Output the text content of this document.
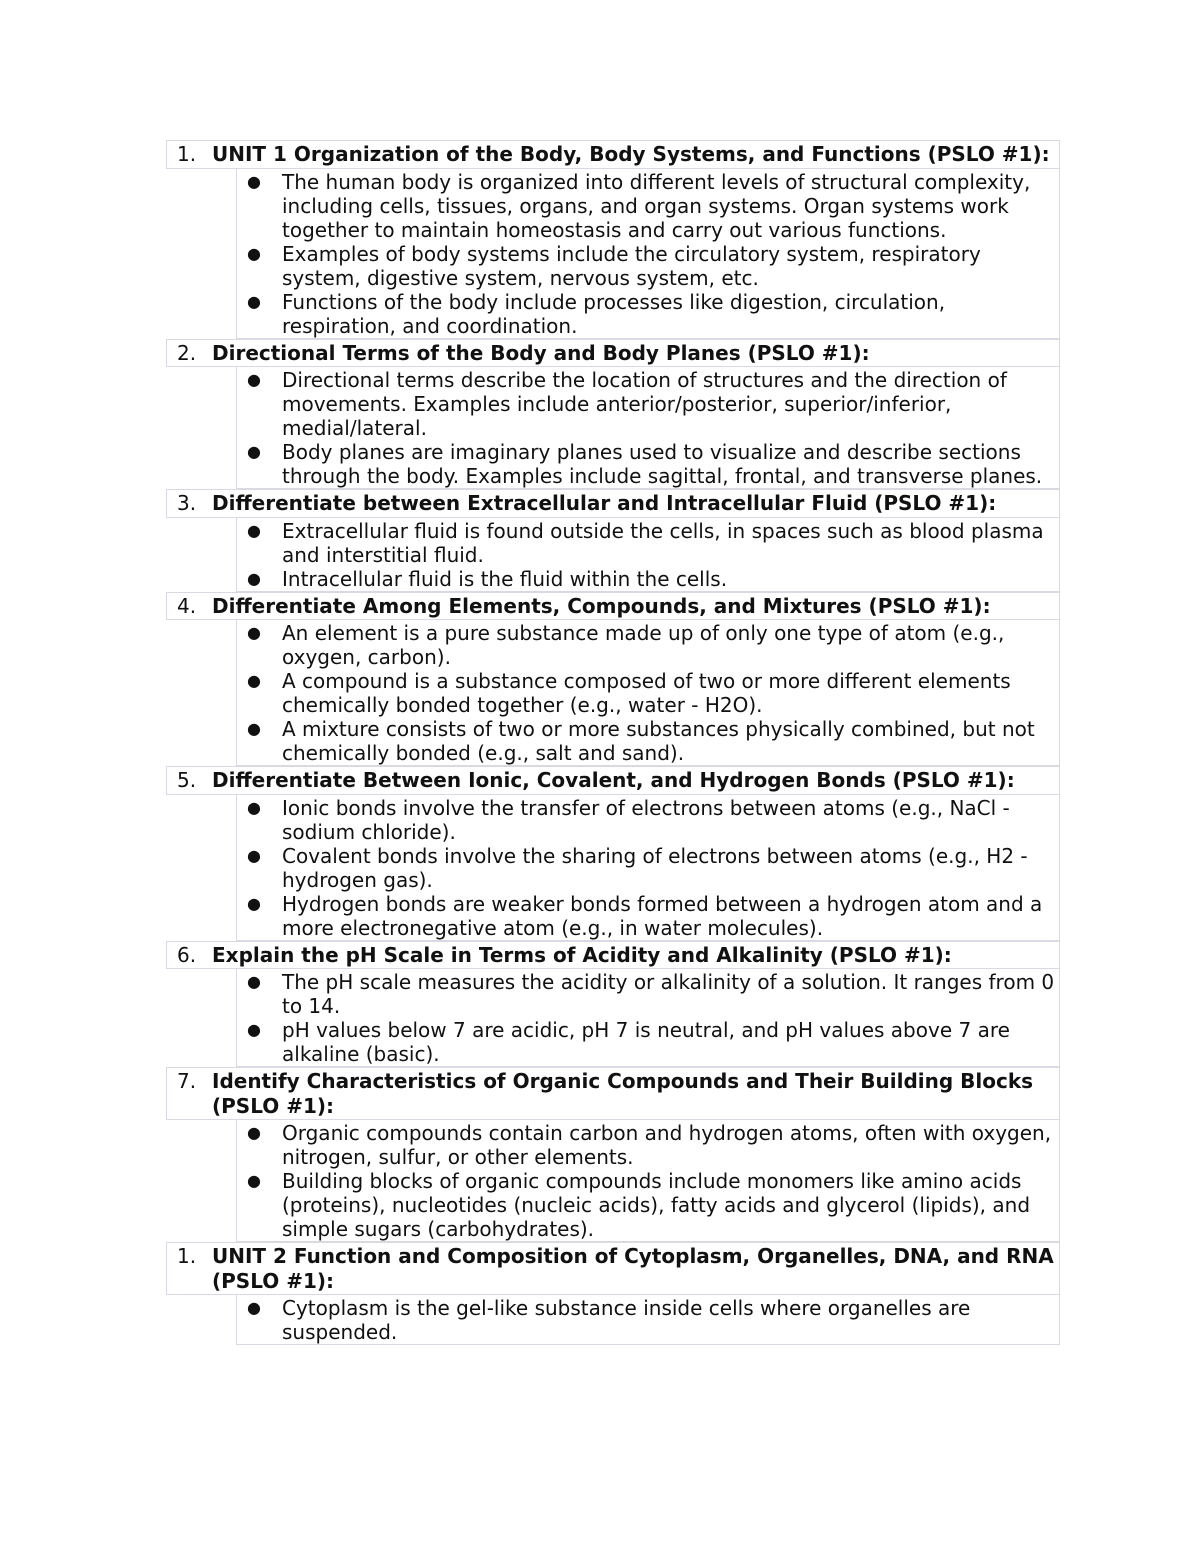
1. UNIT 1 Organization of the Body, Body Systems, and Functions (PSLO #1):
●	The human body is organized into different levels of structural complexity, including cells, tissues, organs, and organ systems. Organ systems work together to maintain homeostasis and carry out various functions.
●	Examples of body systems include the circulatory system, respiratory system, digestive system, nervous system, etc.
●	Functions of the body include processes like digestion, circulation, respiration, and coordination.
2. Directional Terms of the Body and Body Planes (PSLO #1):
●	Directional terms describe the location of structures and the direction of movements. Examples include anterior/posterior, superior/inferior, medial/lateral.
●	Body planes are imaginary planes used to visualize and describe sections through the body. Examples include sagittal, frontal, and transverse planes.
3. Differentiate between Extracellular and Intracellular Fluid (PSLO #1):
●	Extracellular fluid is found outside the cells, in spaces such as blood plasma and interstitial fluid.
●	Intracellular fluid is the fluid within the cells.
4. Differentiate Among Elements, Compounds, and Mixtures (PSLO #1):
●	An element is a pure substance made up of only one type of atom (e.g., oxygen, carbon).
●	A compound is a substance composed of two or more different elements chemically bonded together (e.g., water - H2O).
●	A mixture consists of two or more substances physically combined, but not chemically bonded (e.g., salt and sand).
5. Differentiate Between Ionic, Covalent, and Hydrogen Bonds (PSLO #1):
●	Ionic bonds involve the transfer of electrons between atoms (e.g., NaCl - sodium chloride).
●	Covalent bonds involve the sharing of electrons between atoms (e.g., H2 - hydrogen gas).
●	Hydrogen bonds are weaker bonds formed between a hydrogen atom and a more electronegative atom (e.g., in water molecules).
6. Explain the pH Scale in Terms of Acidity and Alkalinity (PSLO #1):
●	The pH scale measures the acidity or alkalinity of a solution. It ranges from 0 to 14.
●	pH values below 7 are acidic, pH 7 is neutral, and pH values above 7 are alkaline (basic).
7. Identify Characteristics of Organic Compounds and Their Building Blocks (PSLO #1):
●	Organic compounds contain carbon and hydrogen atoms, often with oxygen, nitrogen, sulfur, or other elements.
●	Building blocks of organic compounds include monomers like amino acids (proteins), nucleotides (nucleic acids), fatty acids and glycerol (lipids), and simple sugars (carbohydrates).
1. UNIT 2 Function and Composition of Cytoplasm, Organelles, DNA, and RNA (PSLO #1):
●	Cytoplasm is the gel-like substance inside cells where organelles are suspended.
